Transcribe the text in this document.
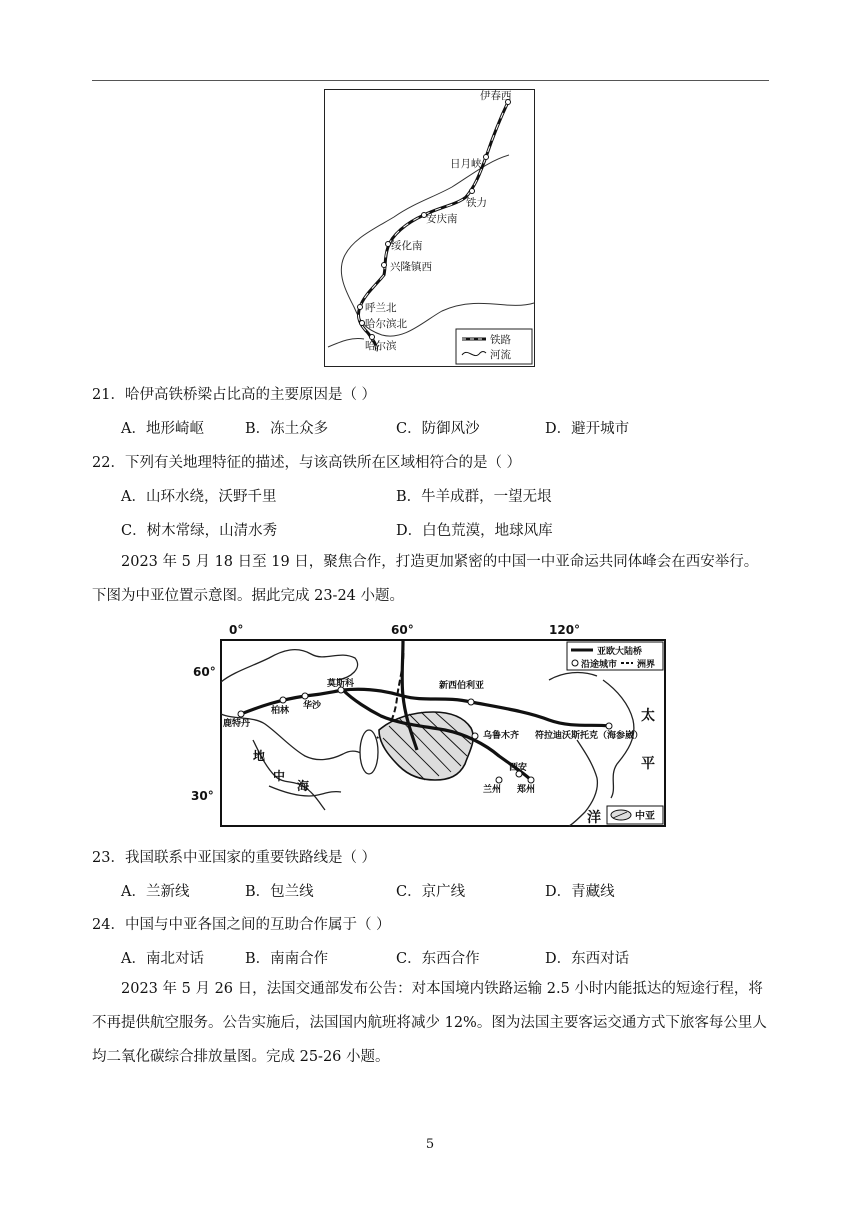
伊春西
日月峡
铁力
安庆南
绥化南
兴隆镇西
呼兰北
哈尔滨北
哈尔滨	铁路
河流
21．哈伊高铁桥梁占比高的主要原因是（ ）
A．地形崎岖	B．冻土众多	C．防御风沙	D．避开城市
22．下列有关地理特征的描述，与该高铁所在区域相符合的是（ ）
A．山环水绕，沃野千里	B．牛羊成群，一望无垠
C．树木常绿，山清水秀	D．白色荒漠，地球风库
2023 年 5 月 18 日至 19 日，聚焦合作，打造更加紧密的中国一中亚命运共同体峰会在西安举行。下图为中亚位置示意图。据此完成 23-24 小题。
0°	60°	120°
60°
30°
鹿特丹
柏林 华沙
莫斯科	新西伯利亚
乌鲁木齐
西安
兰州 郑州
符拉迪沃斯托克（海参崴）
地
中
海
太
平
洋
亚欧大陆桥
沿途城市 洲界
中亚
23．我国联系中亚国家的重要铁路线是（ ）
A．兰新线	B．包兰线	C．京广线	D．青藏线
24．中国与中亚各国之间的互助合作属于（ ）
A．南北对话	B．南南合作	C．东西合作	D．东西对话
2023 年 5 月 26 日，法国交通部发布公告：对本国境内铁路运输 2.5 小时内能抵达的短途行程，将不再提供航空服务。公告实施后，法国国内航班将减少 12%。图为法国主要客运交通方式下旅客每公里人均二氧化碳综合排放量图。完成 25-26 小题。
5
